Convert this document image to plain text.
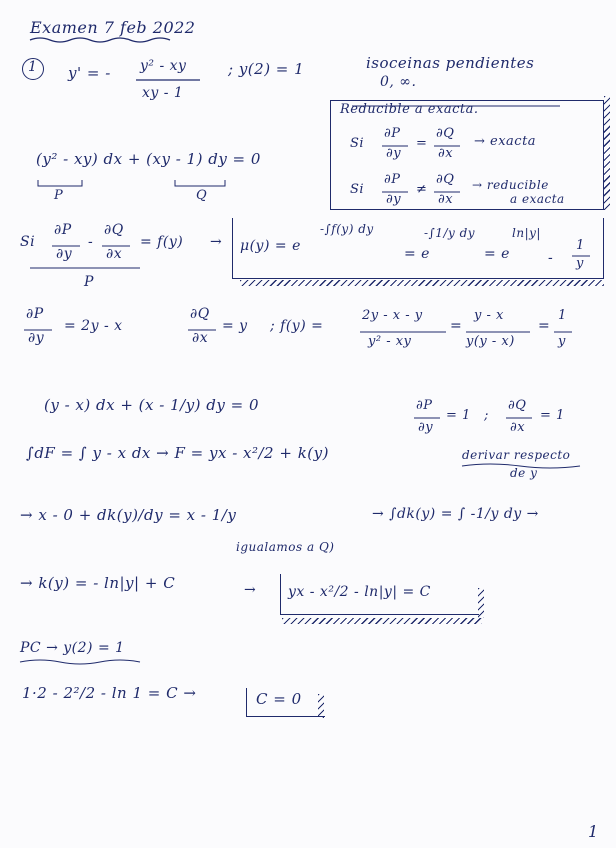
Examen 7 feb 2022
1 y' = - y² - xy
xy - 1
; y(2) = 1	isoceinas pendientes
0, ∞.
Reducible a exacta.
Si
∂P
∂y
=
∂Q
∂x
→ exacta
Si
∂P
∂y
≠
∂Q
∂x
→ reducible
a exacta
(y² - xy) dx + (xy - 1) dy = 0
P	Q
Si
∂P
∂y
-
∂Q
∂x
P
= f(y) → μ(y) = e
-∫f(y) dy
= e
-∫1/y dy
= e
ln|y|
-
1
y
∂P
∂y
= 2y - x
∂Q
∂x
= y ; f(y) =
2y - x - y
y² - xy
=
y - x
y(y - x)
=
1
y
(y - x) dx + (x - 1/y) dy = 0	∂P
∂y
= 1 ;
∂Q
∂x
= 1
∫dF = ∫ y - x dx → F = yx - x²/2 + k(y)	derivar respecto
de y
→ x - 0 + dk(y)/dy = x - 1/y	→ ∫dk(y) = ∫ -1/y dy →
igualamos a Q)
→ k(y) = - ln|y| + C	→ yx - x²/2 - ln|y| = C
PC → y(2) = 1
1·2 - 2²/2 - ln 1 = C →	C = 0
1
